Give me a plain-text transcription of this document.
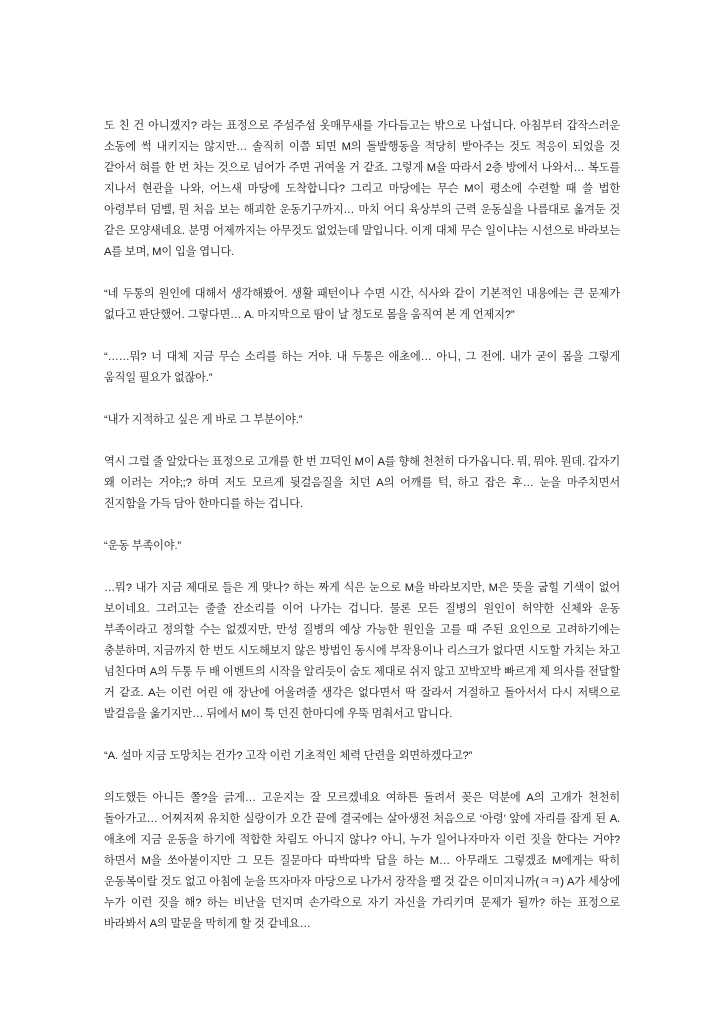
도 친 건 아니겠지? 라는 표정으로 주섬주섬 옷매무새를 가다듬고는 밖으로 나섭니다. 아침부터 갑작스러운 소동에 썩 내키지는 않지만… 솔직히 이쯤 되면 M의 돌발행동을 적당히 받아주는 것도 적응이 되었을 것 같아서 혀를 한 번 차는 것으로 넘어가 주면 귀여울 거 같죠. 그렇게 M을 따라서 2층 방에서 나와서… 복도를 지나서 현관을 나와, 어느새 마당에 도착합니다? 그리고 마당에는 무슨 M이 평소에 수련할 때 쓸 법한 아령부터 덤벨, 뭔 처음 보는 해괴한 운동기구까지… 마치 어디 육상부의 근력 운동실을 나름대로 옮겨둔 것 같은 모양새네요. 분명 어제까지는 아무것도 없었는데 말입니다. 이게 대체 무슨 일이냐는 시선으로 바라보는 A를 보며, M이 입을 엽니다.

“네 두통의 원인에 대해서 생각해봤어. 생활 패턴이나 수면 시간, 식사와 같이 기본적인 내용에는 큰 문제가 없다고 판단했어. 그렇다면… A. 마지막으로 땀이 날 정도로 몸을 움직여 본 게 언제지?”

“……뭐? 너 대체 지금 무슨 소리를 하는 거야. 내 두통은 애초에… 아니, 그 전에. 내가 굳이 몸을 그렇게 움직일 필요가 없잖아.”

“내가 지적하고 싶은 게 바로 그 부분이야.”

역시 그럴 줄 알았다는 표정으로 고개를 한 번 끄덕인 M이 A를 향해 천천히 다가옵니다. 뭐, 뭐야. 뭔데. 갑자기 왜 이러는 거야;;? 하며 저도 모르게 뒷걸음질을 치던 A의 어깨를 턱, 하고 잡은 후… 눈을 마주치면서 진지함을 가득 담아 한마디를 하는 겁니다.

“운동 부족이야.”

…뭐? 내가 지금 제대로 들은 게 맞나? 하는 짜게 식은 눈으로 M을 바라보지만, M은 뜻을 굽힐 기색이 없어 보이네요. 그러고는 줄줄 잔소리를 이어 나가는 겁니다. 물론 모든 질병의 원인이 허약한 신체와 운동 부족이라고 정의할 수는 없겠지만, 만성 질병의 예상 가능한 원인을 고를 때 주된 요인으로 고려하기에는 충분하며, 지금까지 한 번도 시도해보지 않은 방법인 동시에 부작용이나 리스크가 없다면 시도할 가치는 차고 넘친다며 A의 두통 두 배 이벤트의 시작을 알리듯이 숨도 제대로 쉬지 않고 꼬박꼬박 빠르게 제 의사를 전달할 거 같죠. A는 이런 어린 애 장난에 어울려줄 생각은 없다면서 딱 잘라서 거절하고 돌아서서 다시 저택으로 발걸음을 옮기지만… 뒤에서 M이 툭 던진 한마디에 우뚝 멈춰서고 맙니다.

“A. 설마 지금 도망치는 건가? 고작 이런 기초적인 체력 단련을 외면하겠다고?”

의도했든 아니든 쫄?을 긁게… 고운지는 잘 모르겠네요 여하튼 돌려서 꽂은 덕분에 A의 고개가 천천히 돌아가고… 어찌저찌 유치한 실랑이가 오간 끝에 결국에는 살아생전 처음으로 ‘아령’ 앞에 자리를 잡게 된 A. 애초에 지금 운동을 하기에 적합한 차림도 아니지 않나? 아니, 누가 일어나자마자 이런 짓을 한다는 거야? 하면서 M을 쏘아붙이지만 그 모든 질문마다 따박따박 답을 하는 M… 아무래도 그렇겠죠 M에게는 딱히 운동복이랄 것도 없고 아침에 눈을 뜨자마자 마당으로 나가서 장작을 팰 것 같은 이미지니까(ㅋㅋ) A가 세상에 누가 이런 짓을 해? 하는 비난을 던지며 손가락으로 자기 자신을 가리키며 문제가 될까? 하는 표정으로 바라봐서 A의 말문을 막히게 할 것 같네요…
